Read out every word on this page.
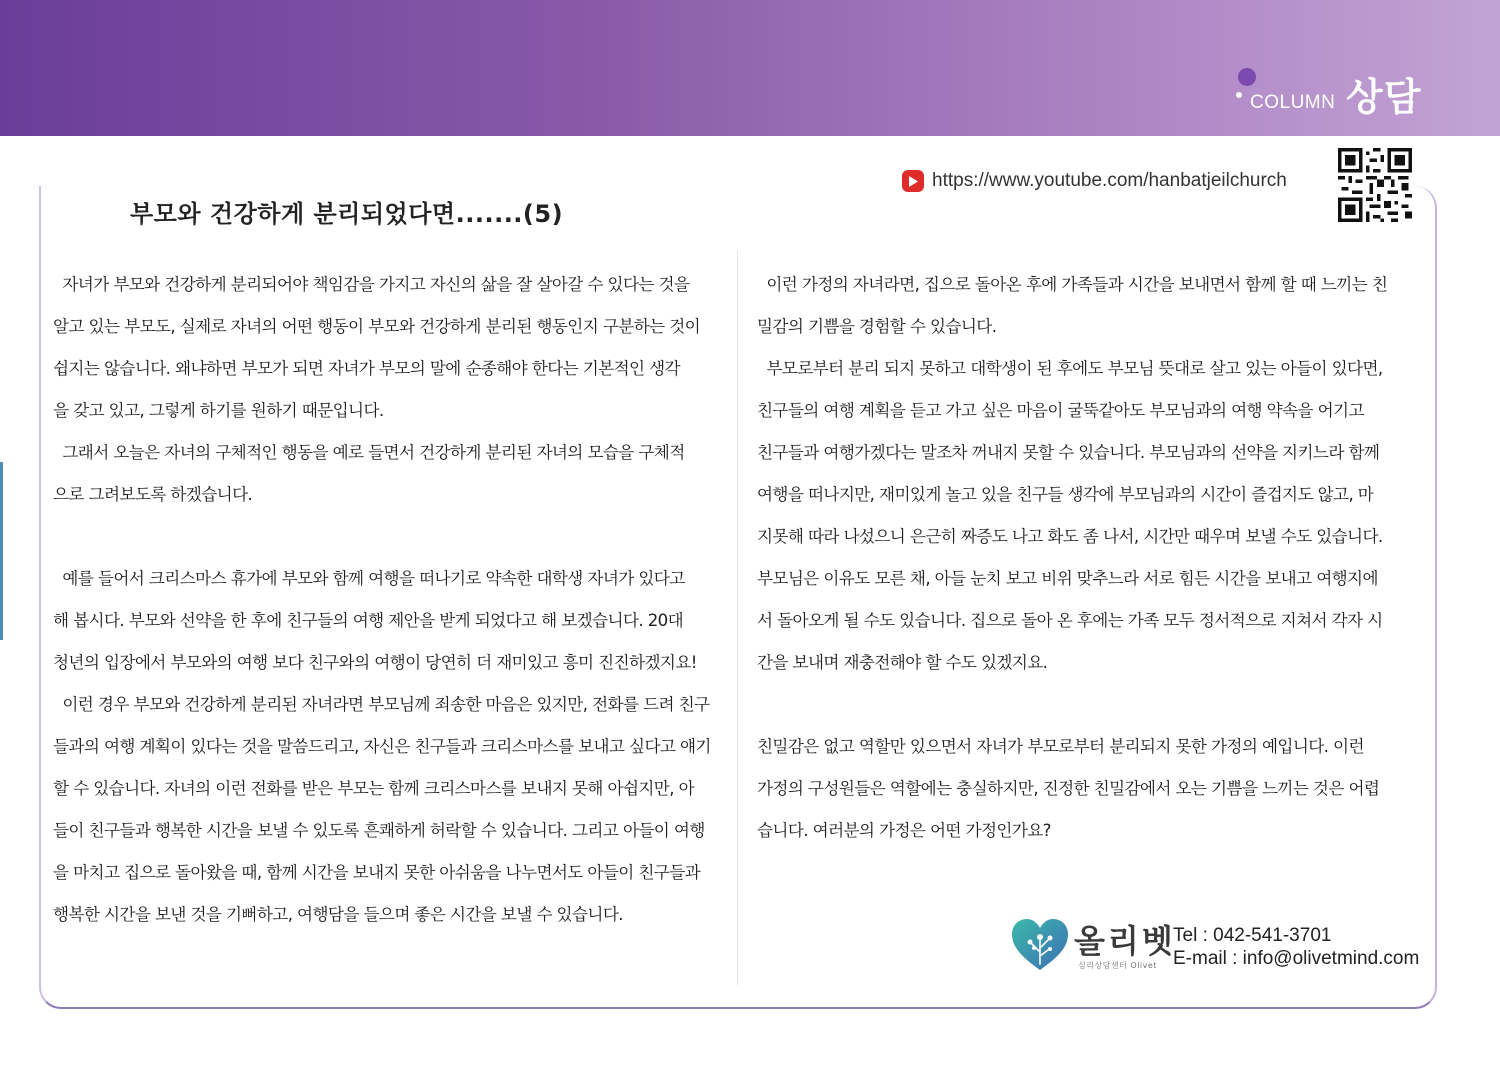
COLUMN 상담
부모와 건강하게 분리되었다면.......(5)
https://www.youtube.com/hanbatjeilchurch
자녀가 부모와 건강하게 분리되어야 책임감을 가지고 자신의 삶을 잘 살아갈 수 있다는 것을
알고 있는 부모도, 실제로 자녀의 어떤 행동이 부모와 건강하게 분리된 행동인지 구분하는 것이
쉽지는 않습니다. 왜냐하면 부모가 되면 자녀가 부모의 말에 순종해야 한다는 기본적인 생각
을 갖고 있고, 그렇게 하기를 원하기 때문입니다.
그래서 오늘은 자녀의 구체적인 행동을 예로 들면서 건강하게 분리된 자녀의 모습을 구체적
으로 그려보도록 하겠습니다.
예를 들어서 크리스마스 휴가에 부모와 함께 여행을 떠나기로 약속한 대학생 자녀가 있다고
해 봅시다. 부모와 선약을 한 후에 친구들의 여행 제안을 받게 되었다고 해 보겠습니다. 20대
청년의 입장에서 부모와의 여행 보다 친구와의 여행이 당연히 더 재미있고 흥미 진진하겠지요!
이런 경우 부모와 건강하게 분리된 자녀라면 부모님께 죄송한 마음은 있지만, 전화를 드려 친구
들과의 여행 계획이 있다는 것을 말씀드리고, 자신은 친구들과 크리스마스를 보내고 싶다고 얘기
할 수 있습니다. 자녀의 이런 전화를 받은 부모는 함께 크리스마스를 보내지 못해 아쉽지만, 아
들이 친구들과 행복한 시간을 보낼 수 있도록 흔쾌하게 허락할 수 있습니다. 그리고 아들이 여행
을 마치고 집으로 돌아왔을 때, 함께 시간을 보내지 못한 아쉬움을 나누면서도 아들이 친구들과
행복한 시간을 보낸 것을 기뻐하고, 여행담을 들으며 좋은 시간을 보낼 수 있습니다.
이런 가정의 자녀라면, 집으로 돌아온 후에 가족들과 시간을 보내면서 함께 할 때 느끼는 친
밀감의 기쁨을 경험할 수 있습니다.
부모로부터 분리 되지 못하고 대학생이 된 후에도 부모님 뜻대로 살고 있는 아들이 있다면,
친구들의 여행 계획을 듣고 가고 싶은 마음이 굴뚝같아도 부모님과의 여행 약속을 어기고
친구들과 여행가겠다는 말조차 꺼내지 못할 수 있습니다. 부모님과의 선약을 지키느라 함께
여행을 떠나지만, 재미있게 놀고 있을 친구들 생각에 부모님과의 시간이 즐겁지도 않고, 마
지못해 따라 나섰으니 은근히 짜증도 나고 화도 좀 나서, 시간만 때우며 보낼 수도 있습니다.
부모님은 이유도 모른 채, 아들 눈치 보고 비위 맞추느라 서로 힘든 시간을 보내고 여행지에
서 돌아오게 될 수도 있습니다. 집으로 돌아 온 후에는 가족 모두 정서적으로 지쳐서 각자 시
간을 보내며 재충전해야 할 수도 있겠지요.
친밀감은 없고 역할만 있으면서 자녀가 부모로부터 분리되지 못한 가정의 예입니다. 이런
가정의 구성원들은 역할에는 충실하지만, 진정한 친밀감에서 오는 기쁨을 느끼는 것은 어렵
습니다. 여러분의 가정은 어떤 가정인가요?
올리벳
심리상담센터 Olivet
Tel : 042-541-3701
E-mail : info@olivetmind.com
